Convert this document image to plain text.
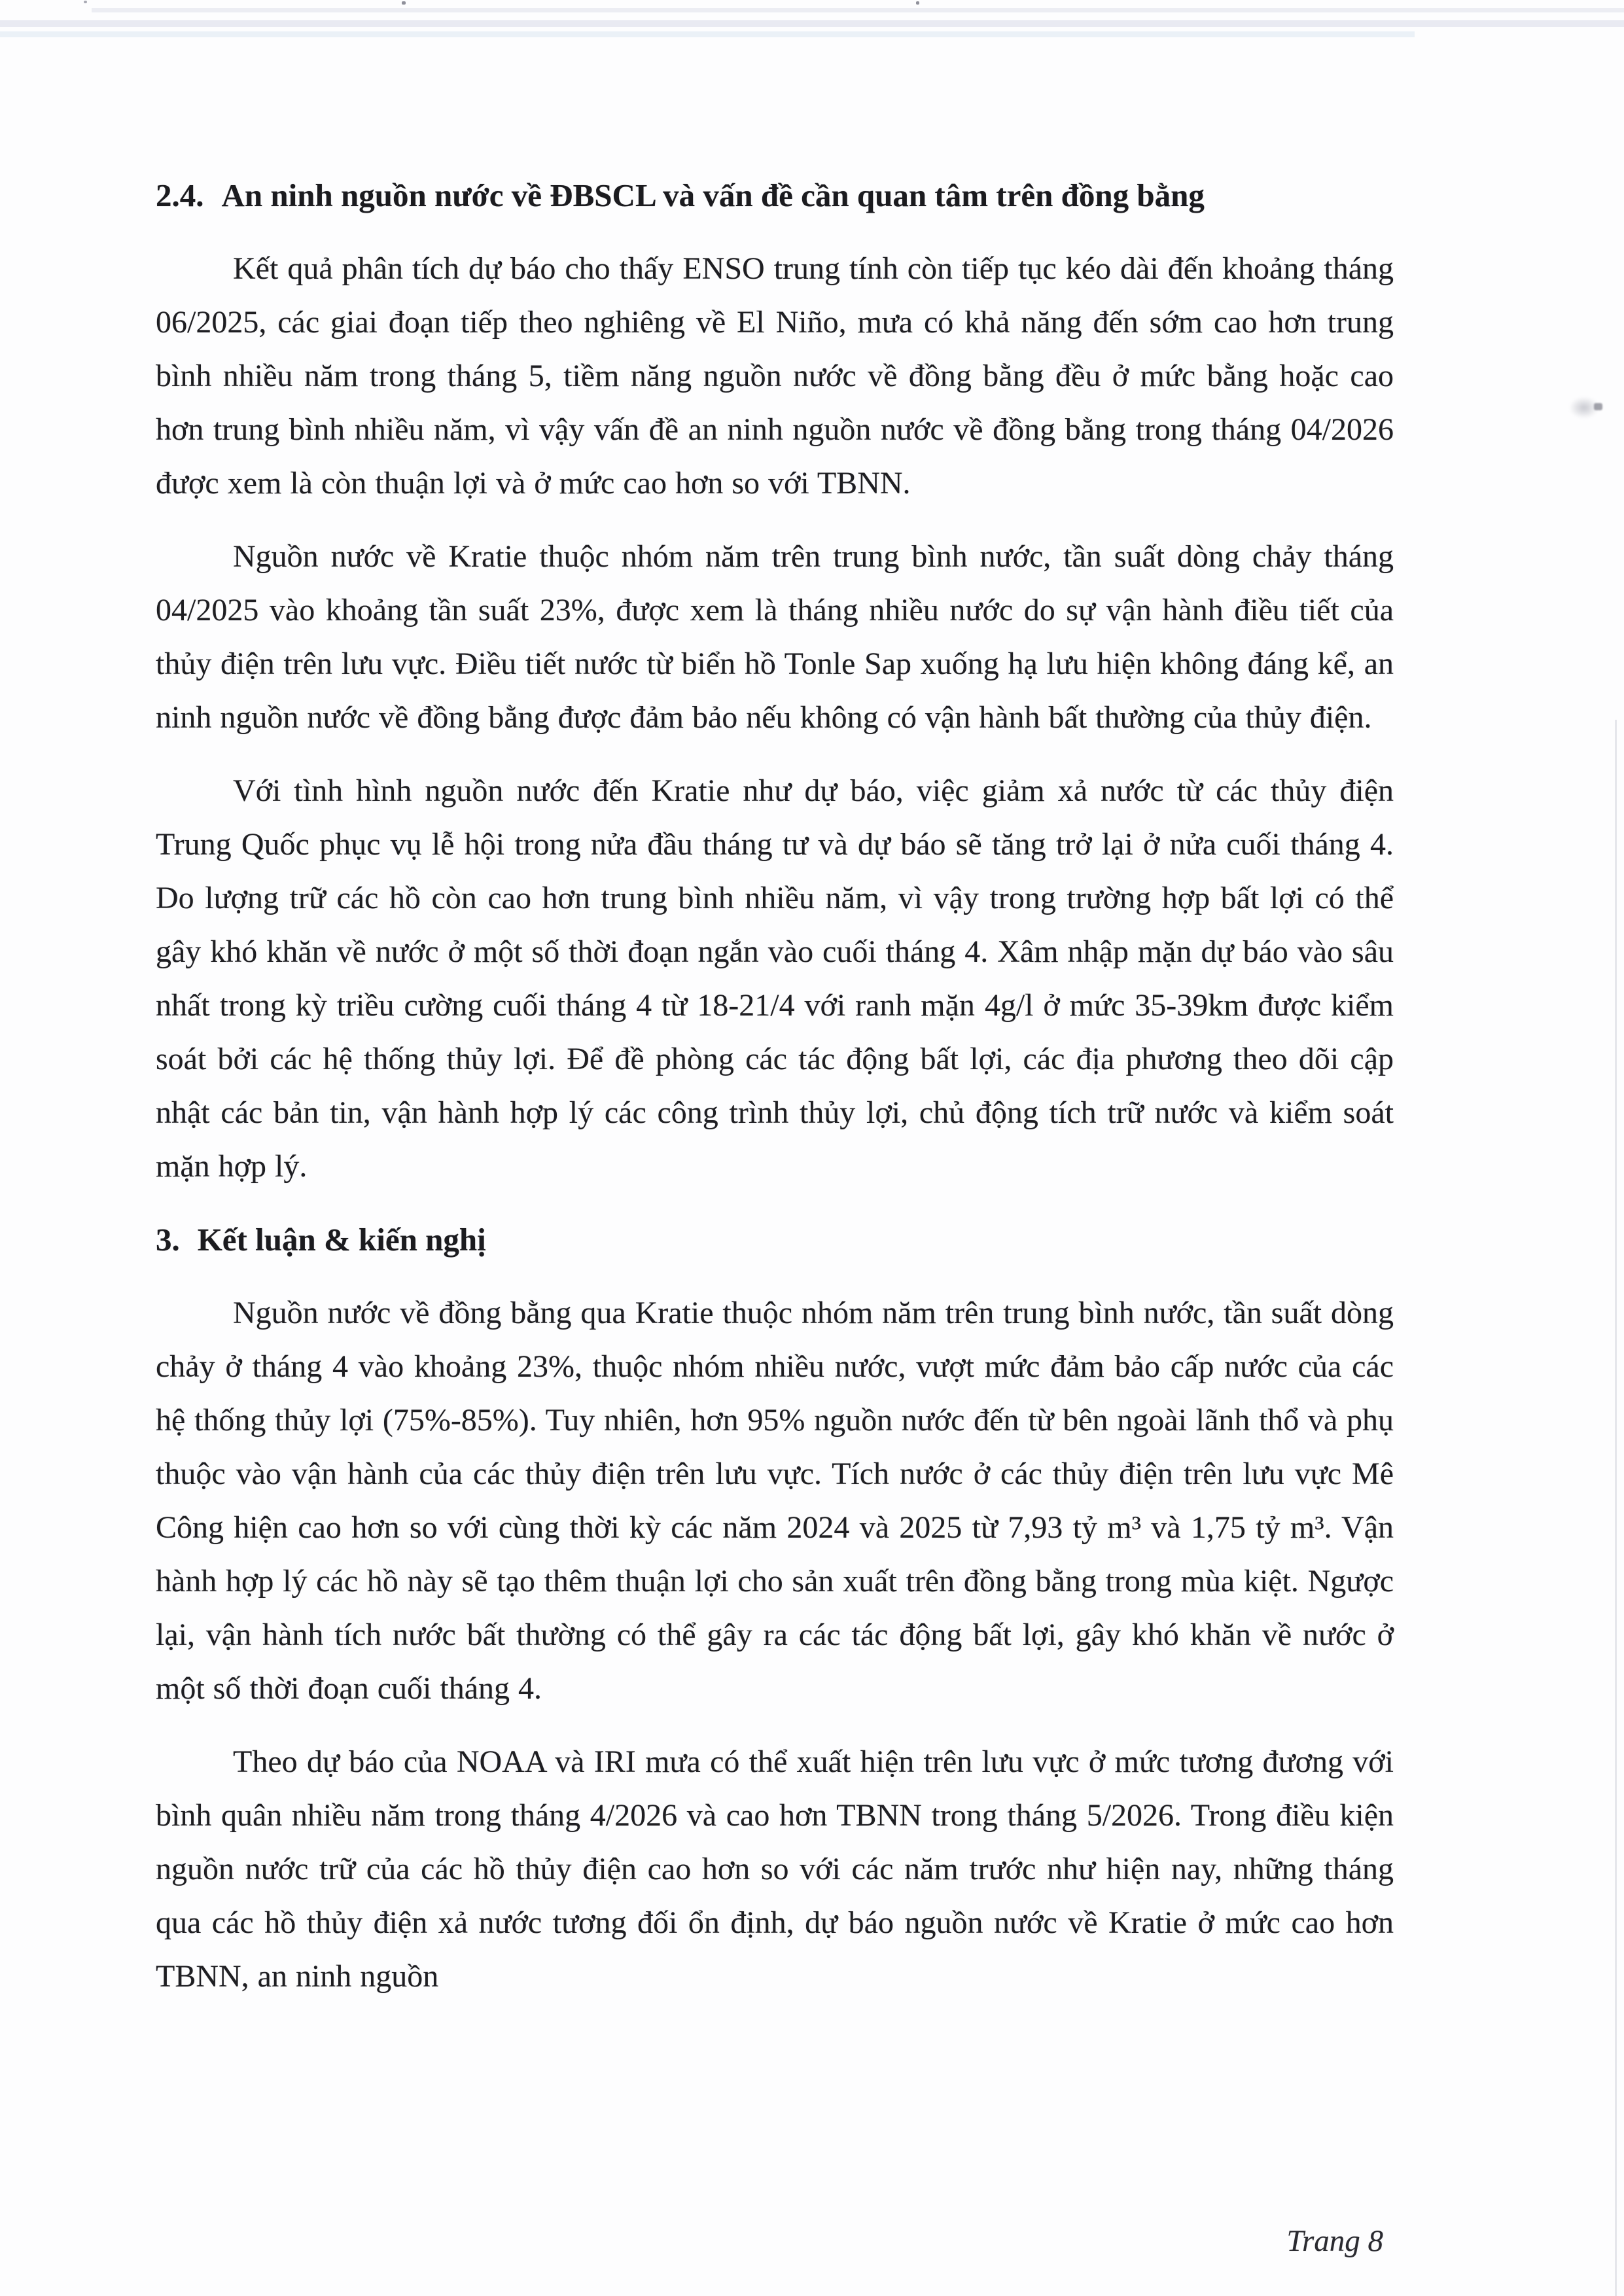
2.4. An ninh nguồn nước về ĐBSCL và vấn đề cần quan tâm trên đồng bằng

Kết quả phân tích dự báo cho thấy ENSO trung tính còn tiếp tục kéo dài đến khoảng tháng 06/2025, các giai đoạn tiếp theo nghiêng về El Niño, mưa có khả năng đến sớm cao hơn trung bình nhiều năm trong tháng 5, tiềm năng nguồn nước về đồng bằng đều ở mức bằng hoặc cao hơn trung bình nhiều năm, vì vậy vấn đề an ninh nguồn nước về đồng bằng trong tháng 04/2026 được xem là còn thuận lợi và ở mức cao hơn so với TBNN.

Nguồn nước về Kratie thuộc nhóm năm trên trung bình nước, tần suất dòng chảy tháng 04/2025 vào khoảng tần suất 23%, được xem là tháng nhiều nước do sự vận hành điều tiết của thủy điện trên lưu vực. Điều tiết nước từ biển hồ Tonle Sap xuống hạ lưu hiện không đáng kể, an ninh nguồn nước về đồng bằng được đảm bảo nếu không có vận hành bất thường của thủy điện.

Với tình hình nguồn nước đến Kratie như dự báo, việc giảm xả nước từ các thủy điện Trung Quốc phục vụ lễ hội trong nửa đầu tháng tư và dự báo sẽ tăng trở lại ở nửa cuối tháng 4. Do lượng trữ các hồ còn cao hơn trung bình nhiều năm, vì vậy trong trường hợp bất lợi có thể gây khó khăn về nước ở một số thời đoạn ngắn vào cuối tháng 4. Xâm nhập mặn dự báo vào sâu nhất trong kỳ triều cường cuối tháng 4 từ 18-21/4 với ranh mặn 4g/l ở mức 35-39km được kiểm soát bởi các hệ thống thủy lợi. Để đề phòng các tác động bất lợi, các địa phương theo dõi cập nhật các bản tin, vận hành hợp lý các công trình thủy lợi, chủ động tích trữ nước và kiểm soát mặn hợp lý.

3. Kết luận & kiến nghị

Nguồn nước về đồng bằng qua Kratie thuộc nhóm năm trên trung bình nước, tần suất dòng chảy ở tháng 4 vào khoảng 23%, thuộc nhóm nhiều nước, vượt mức đảm bảo cấp nước của các hệ thống thủy lợi (75%-85%). Tuy nhiên, hơn 95% nguồn nước đến từ bên ngoài lãnh thổ và phụ thuộc vào vận hành của các thủy điện trên lưu vực. Tích nước ở các thủy điện trên lưu vực Mê Công hiện cao hơn so với cùng thời kỳ các năm 2024 và 2025 từ 7,93 tỷ m³ và 1,75 tỷ m³. Vận hành hợp lý các hồ này sẽ tạo thêm thuận lợi cho sản xuất trên đồng bằng trong mùa kiệt. Ngược lại, vận hành tích nước bất thường có thể gây ra các tác động bất lợi, gây khó khăn về nước ở một số thời đoạn cuối tháng 4.

Theo dự báo của NOAA và IRI mưa có thể xuất hiện trên lưu vực ở mức tương đương với bình quân nhiều năm trong tháng 4/2026 và cao hơn TBNN trong tháng 5/2026. Trong điều kiện nguồn nước trữ của các hồ thủy điện cao hơn so với các năm trước như hiện nay, những tháng qua các hồ thủy điện xả nước tương đối ổn định, dự báo nguồn nước về Kratie ở mức cao hơn TBNN, an ninh nguồn

Trang 8
